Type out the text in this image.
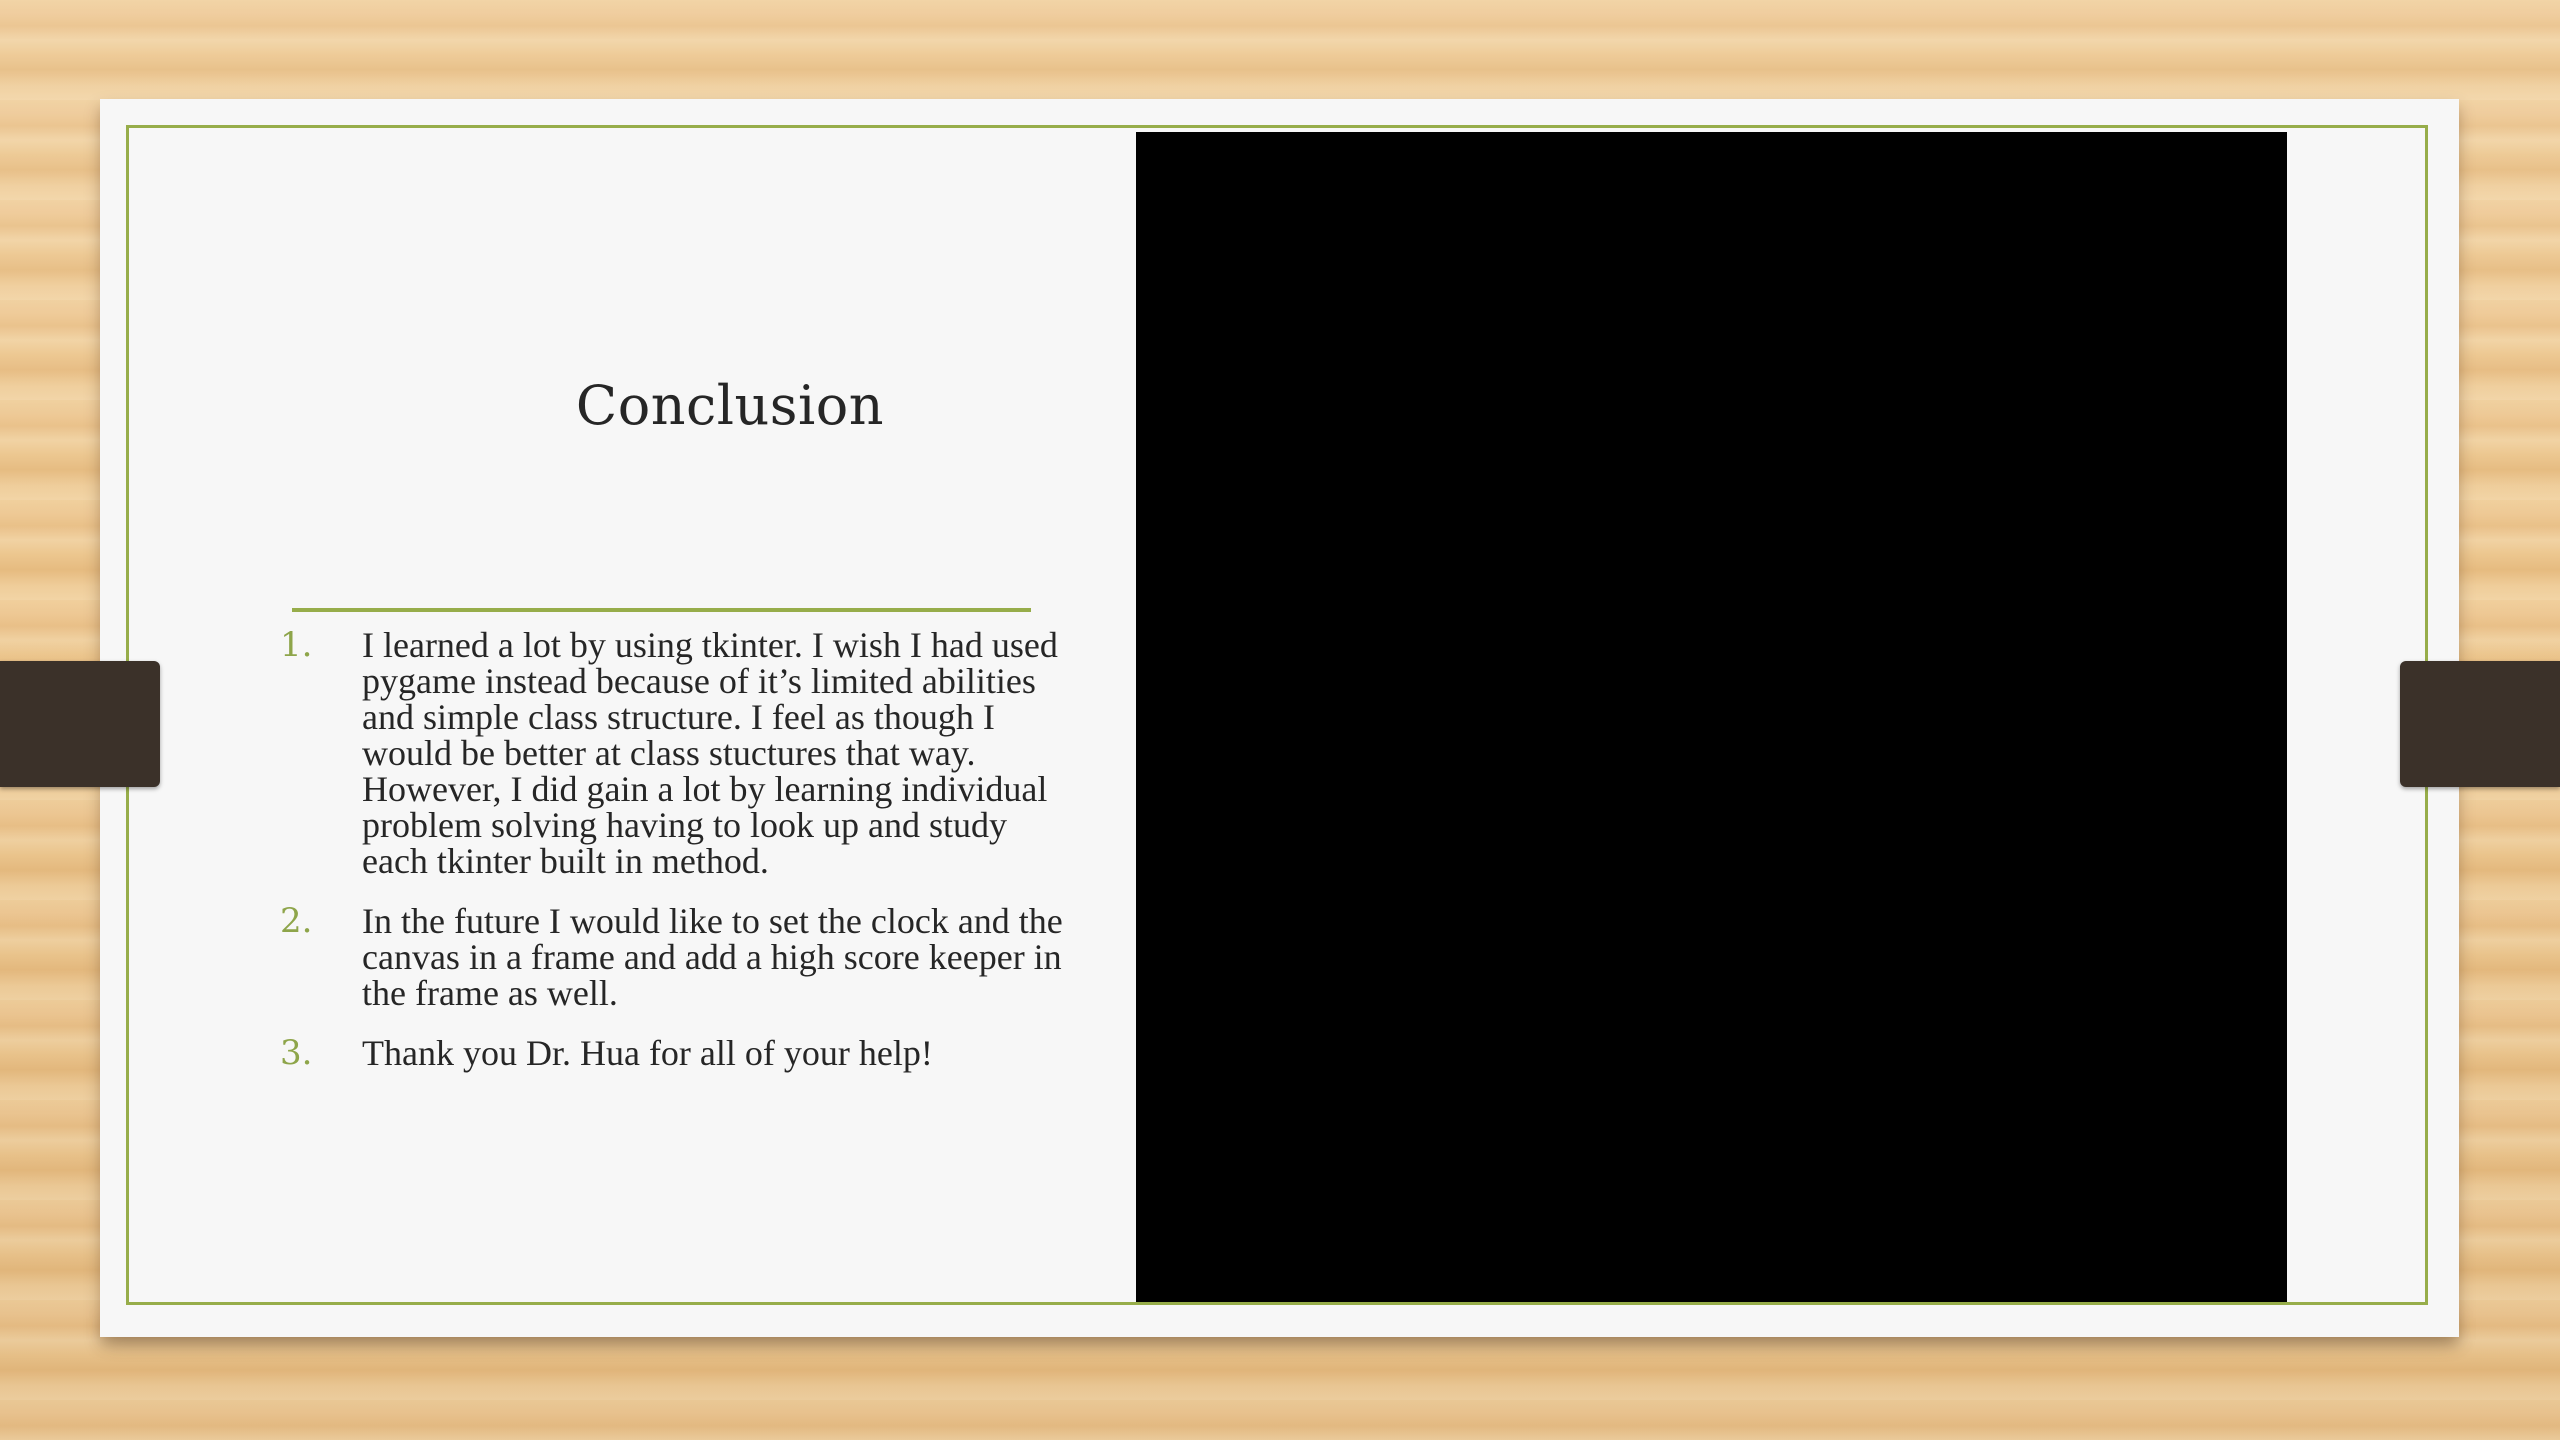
Conclusion
1.	I learned a lot by using tkinter. I wish I had used pygame instead because of it’s limited abilities and simple class structure. I feel as though I would be better at class stuctures that way. However, I did gain a lot by learning individual problem solving having to look up and study each tkinter built in method.
2.	In the future I would like to set the clock and the canvas in a frame and add a high score keeper in the frame as well.
3.	Thank you Dr. Hua for all of your help!
